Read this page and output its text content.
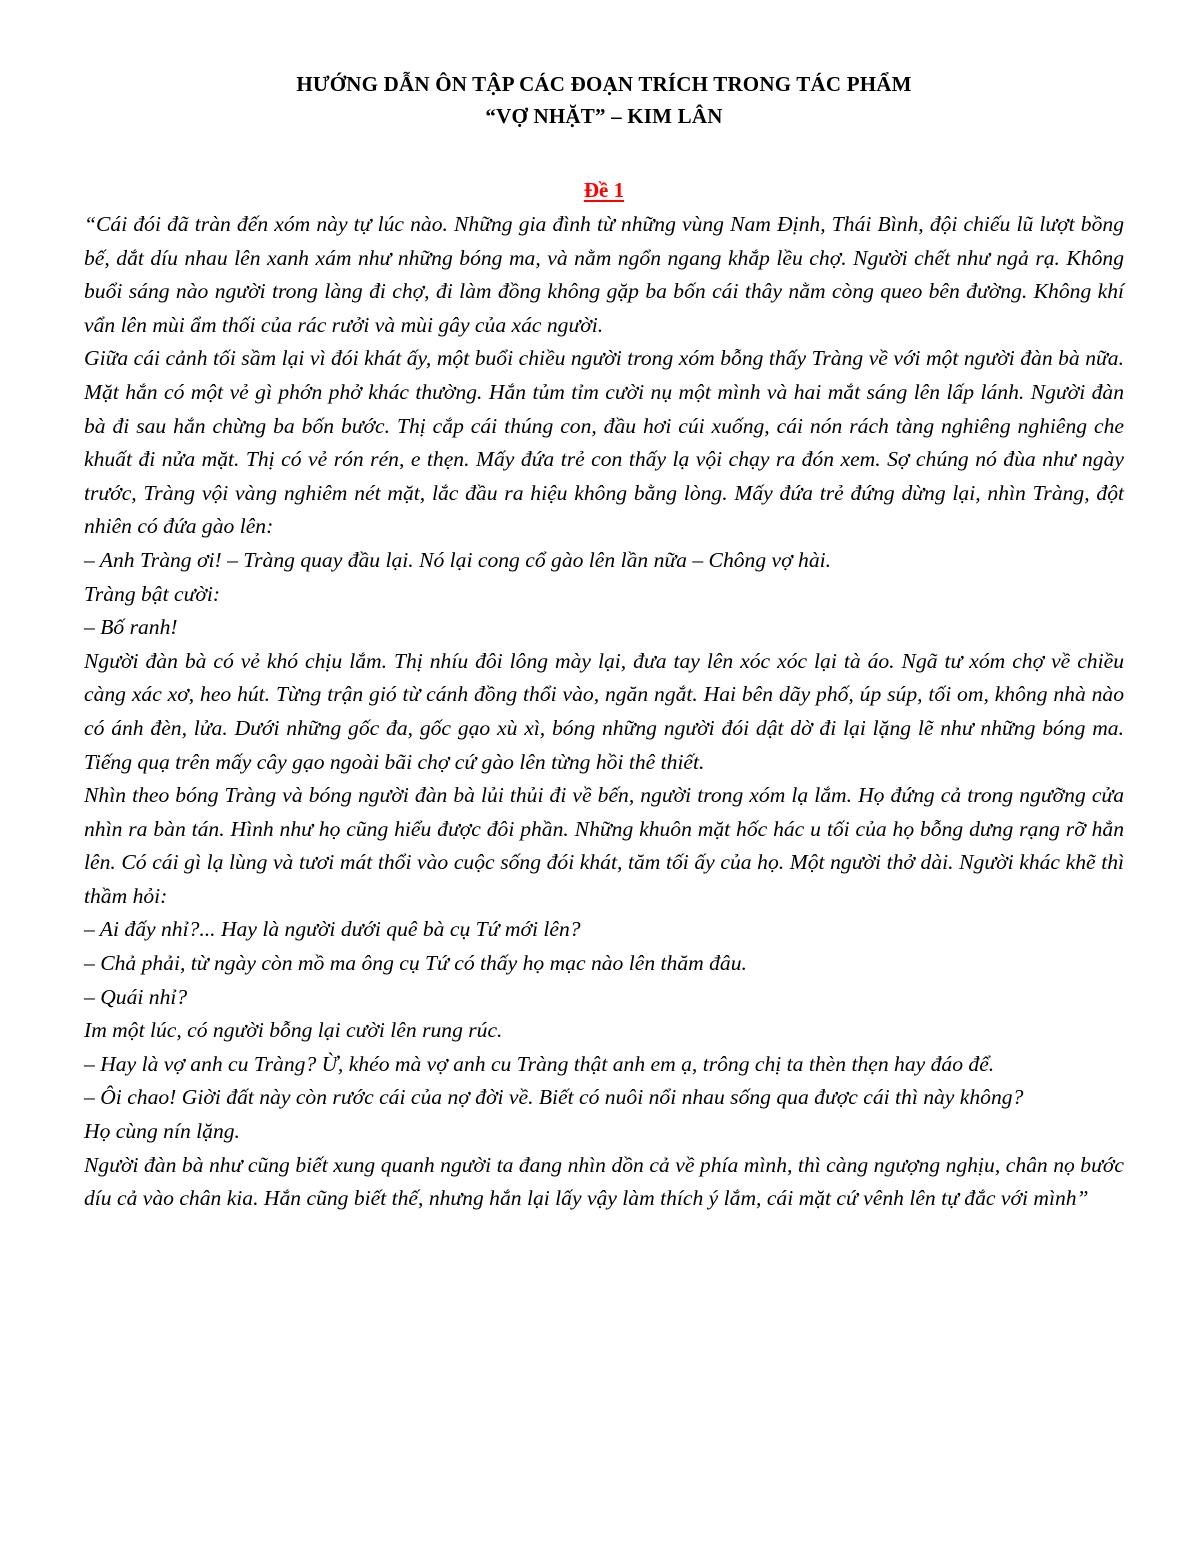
HƯỚNG DẪN ÔN TẬP CÁC ĐOẠN TRÍCH TRONG TÁC PHẨM
“VỢ NHẶT” – KIM LÂN
Đề 1

“Cái đói đã tràn đến xóm này tự lúc nào. Những gia đình từ những vùng Nam Định, Thái Bình, đội chiếu lũ lượt bồng bế, dắt díu nhau lên xanh xám như những bóng ma, và nằm ngổn ngang khắp lều chợ. Người chết như ngả rạ. Không buổi sáng nào người trong làng đi chợ, đi làm đồng không gặp ba bốn cái thây nằm còng queo bên đường. Không khí vẩn lên mùi ẩm thối của rác rưởi và mùi gây của xác người.

Giữa cái cảnh tối sầm lại vì đói khát ấy, một buổi chiều người trong xóm bỗng thấy Tràng về với một người đàn bà nữa. Mặt hắn có một vẻ gì phớn phở khác thường. Hắn tủm tỉm cười nụ một mình và hai mắt sáng lên lấp lánh. Người đàn bà đi sau hắn chừng ba bốn bước. Thị cắp cái thúng con, đầu hơi cúi xuống, cái nón rách tàng nghiêng nghiêng che khuất đi nửa mặt. Thị có vẻ rón rén, e thẹn. Mấy đứa trẻ con thấy lạ vội chạy ra đón xem. Sợ chúng nó đùa như ngày trước, Tràng vội vàng nghiêm nét mặt, lắc đầu ra hiệu không bằng lòng. Mấy đứa trẻ đứng dừng lại, nhìn Tràng, đột nhiên có đứa gào lên:

– Anh Tràng ơi! – Tràng quay đầu lại. Nó lại cong cổ gào lên lần nữa – Chông vợ hài.

Tràng bật cười:

– Bố ranh!

Người đàn bà có vẻ khó chịu lắm. Thị nhíu đôi lông mày lại, đưa tay lên xóc xóc lại tà áo. Ngã tư xóm chợ về chiều càng xác xơ, heo hút. Từng trận gió từ cánh đồng thổi vào, ngăn ngắt. Hai bên dãy phố, úp súp, tối om, không nhà nào có ánh đèn, lửa. Dưới những gốc đa, gốc gạo xù xì, bóng những người đói dật dờ đi lại lặng lẽ như những bóng ma. Tiếng quạ trên mấy cây gạo ngoài bãi chợ cứ gào lên từng hồi thê thiết.

Nhìn theo bóng Tràng và bóng người đàn bà lủi thủi đi về bến, người trong xóm lạ lắm. Họ đứng cả trong ngưỡng cửa nhìn ra bàn tán. Hình như họ cũng hiểu được đôi phần. Những khuôn mặt hốc hác u tối của họ bỗng dưng rạng rỡ hẳn lên. Có cái gì lạ lùng và tươi mát thổi vào cuộc sống đói khát, tăm tối ấy của họ. Một người thở dài. Người khác khẽ thì thầm hỏi:

– Ai đấy nhỉ?... Hay là người dưới quê bà cụ Tứ mới lên?

– Chả phải, từ ngày còn mồ ma ông cụ Tứ có thấy họ mạc nào lên thăm đâu.

– Quái nhỉ?

Im một lúc, có người bỗng lại cười lên rung rúc.

– Hay là vợ anh cu Tràng? Ừ, khéo mà vợ anh cu Tràng thật anh em ạ, trông chị ta thèn thẹn hay đáo để.

– Ôi chao! Giời đất này còn rước cái của nợ đời về. Biết có nuôi nổi nhau sống qua được cái thì này không?

Họ cùng nín lặng.

Người đàn bà như cũng biết xung quanh người ta đang nhìn dồn cả về phía mình, thì càng ngượng nghịu, chân nọ bước díu cả vào chân kia. Hắn cũng biết thế, nhưng hắn lại lấy vậy làm thích ý lắm, cái mặt cứ vênh lên tự đắc với mình”
